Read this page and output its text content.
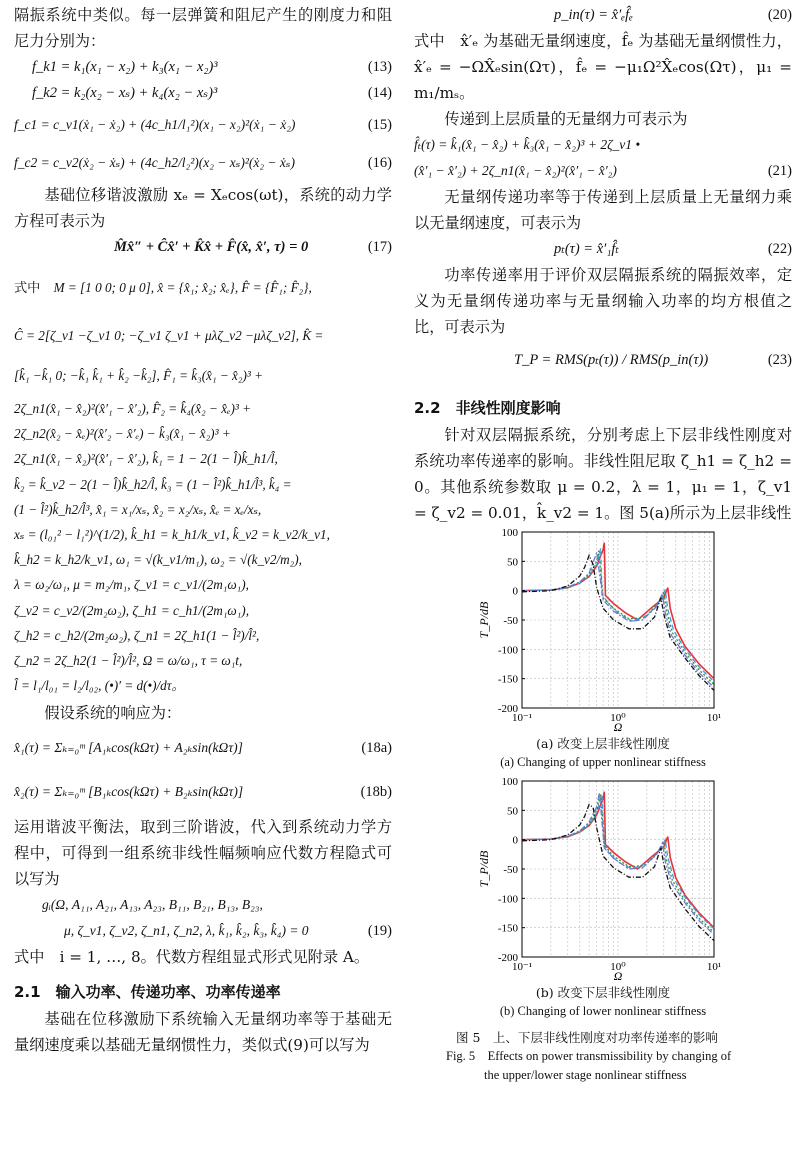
隔振系统中类似。每一层弹簧和阻尼产生的刚度力和阻尼力分别为：

f_k1 = k₁(x₁ − x₂) + k₃(x₁ − x₂)³	(13)
f_k2 = k₂(x₂ − xₛ) + k₄(x₂ − xₛ)³	(14)
f_c1 = c_v1(ẋ₁ − ẋ₂) + (4c_h1/l₁²)(x₁ − x₂)²(ẋ₁ − ẋ₂)	(15)
f_c2 = c_v2(ẋ₂ − ẋₛ) + (4c_h2/l₂²)(x₂ − xₛ)²(ẋ₂ − ẋₛ)	(16)

基础位移谐波激励 xₑ = Xₑcos(ωt)，系统的动力学方程可表示为

M̂x̂″ + Ĉx̂′ + K̂x̂ + F̂(x̂, x̂′, τ) = 0	(17)
式中　 M = [1 0 0; 0 μ 0], x̂ = {x̂₁; x̂₂; x̂ₑ}, F̂ = {F̂₁; F̂₂},
Ĉ = 2[ζ_v1 −ζ_v1 0; −ζ_v1 ζ_v1 + μλζ_v2 −μλζ_v2], K̂ =
[k̂₁ −k̂₁ 0; −k̂₁ k̂₁ + k̂₂ −k̂₂], F̂₁ = k̂₃(x̂₁ − x̂₂)³ +
2ζ_n1(x̂₁ − x̂₂)²(x̂′₁ − x̂′₂), F̂₂ = k̂₄(x̂₂ − x̂ₑ)³ +
2ζ_n2(x̂₂ − x̂ₑ)²(x̂′₂ − x̂′ₑ) − k̂₃(x̂₁ − x̂₂)³ +
2ζ_n1(x̂₁ − x̂₂)²(x̂′₁ − x̂′₂), k̂₁ = 1 − 2(1 − l̂)k̂_h1/l̂,
k̂₂ = k̂_v2 − 2(1 − l̂)k̂_h2/l̂, k̂₃ = (1 − l̂²)k̂_h1/l̂³, k̂₄ =
(1 − l̂²)k̂_h2/l̂³, x̂₁ = x₁/xₛ, x̂₂ = x₂/xₛ, x̂ₑ = xₑ/xₛ,
xₛ = (l₀₁² − l₁²)^(1/2), k̂_h1 = k_h1/k_v1, k̂_v2 = k_v2/k_v1,
k̂_h2 = k_h2/k_v1, ω₁ = √(k_v1/m₁), ω₂ = √(k_v2/m₂),
λ = ω₂/ω₁, μ = m₂/m₁, ζ_v1 = c_v1/(2m₁ω₁),
ζ_v2 = c_v2/(2m₂ω₂), ζ_h1 = c_h1/(2m₁ω₁),
ζ_h2 = c_h2/(2m₂ω₂), ζ_n1 = 2ζ_h1(1 − l̂²)/l̂²,
ζ_n2 = 2ζ_h2(1 − l̂²)/l̂², Ω = ω/ω₁, τ = ω₁t,
l̂ = l₁/l₀₁ = l₂/l₀₂, (•)′ = d(•)/dτ。

假设系统的响应为：

x̂₁(τ) = Σₖ₌₀ᵐ [A₁ₖcos(kΩτ) + A₂ₖsin(kΩτ)]	(18a)
x̂₂(τ) = Σₖ₌₀ᵐ [B₁ₖcos(kΩτ) + B₂ₖsin(kΩτ)]	(18b)

运用谐波平衡法，取到三阶谐波，代入到系统动力学方程中，可得到一组系统非线性幅频响应代数方程隐式可以写为

gᵢ(Ω, A₁₁, A₂₁, A₁₃, A₂₃, B₁₁, B₂₁, B₁₃, B₂₃,
μ, ζ_v1, ζ_v2, ζ_n1, ζ_n2, λ, k̂₁, k̂₂, k̂₃, k̂₄) = 0	(19)

式中　i = 1, …, 8。代数方程组显式形式见附录 A。

2.1　输入功率、传递功率、功率传递率

基础在位移激励下系统输入无量纲功率等于基础无量纲速度乘以基础无量纲惯性力，类似式(9)可以写为

p_in(τ) = x̂′ₑf̂ₑ	(20)

式中　x̂′ₑ 为基础无量纲速度，f̂ₑ 为基础无量纲惯性力，x̂′ₑ = −ΩX̂ₑsin(Ωτ)，f̂ₑ = −μ₁Ω²X̂ₑcos(Ωτ)，μ₁ = m₁/mₛ。

传递到上层质量的无量纲力可表示为

f̂ₜ(τ) = k̂₁(x̂₁ − x̂₂) + k̂₃(x̂₁ − x̂₂)³ + 2ζ_v1 •
(x̂′₁ − x̂′₂) + 2ζ_n1(x̂₁ − x̂₂)²(x̂′₁ − x̂′₂)	(21)

无量纲传递功率等于传递到上层质量上无量纲力乘以无量纲速度，可表示为

pₜ(τ) = x̂′₁f̂ₜ	(22)

功率传递率用于评价双层隔振系统的隔振效率，定义为无量纲传递功率与无量纲输入功率的均方根值之比，可表示为

T_P = RMS(pₜ(τ)) / RMS(p_in(τ))	(23)

2.2　非线性刚度影响

针对双层隔振系统，分别考虑上下层非线性刚度对系统功率传递率的影响。非线性阻尼取 ζ_h1 = ζ_h2 = 0。其他系统参数取 μ = 0.2，λ = 1，μ₁ = 1，ζ_v1 = ζ_v2 = 0.01，k̂_v2 = 1。图 5(a)所示为上层非线性

100
50
0
-50
-100
-150
-200
10⁻¹	10⁰	10¹
Ω
T_P/dB

(a) 改变上层非线性刚度

(a) Changing of upper nonlinear stiffness

100
50
0
-50
-100
-150
-200
10⁻¹	10⁰	10¹
Ω
T_P/dB

(b) 改变下层非线性刚度

(b) Changing of lower nonlinear stiffness

图 5　上、下层非线性刚度对功率传递率的影响

Fig. 5　Effects on power transmissibility by changing of

the upper/lower stage nonlinear stiffness
